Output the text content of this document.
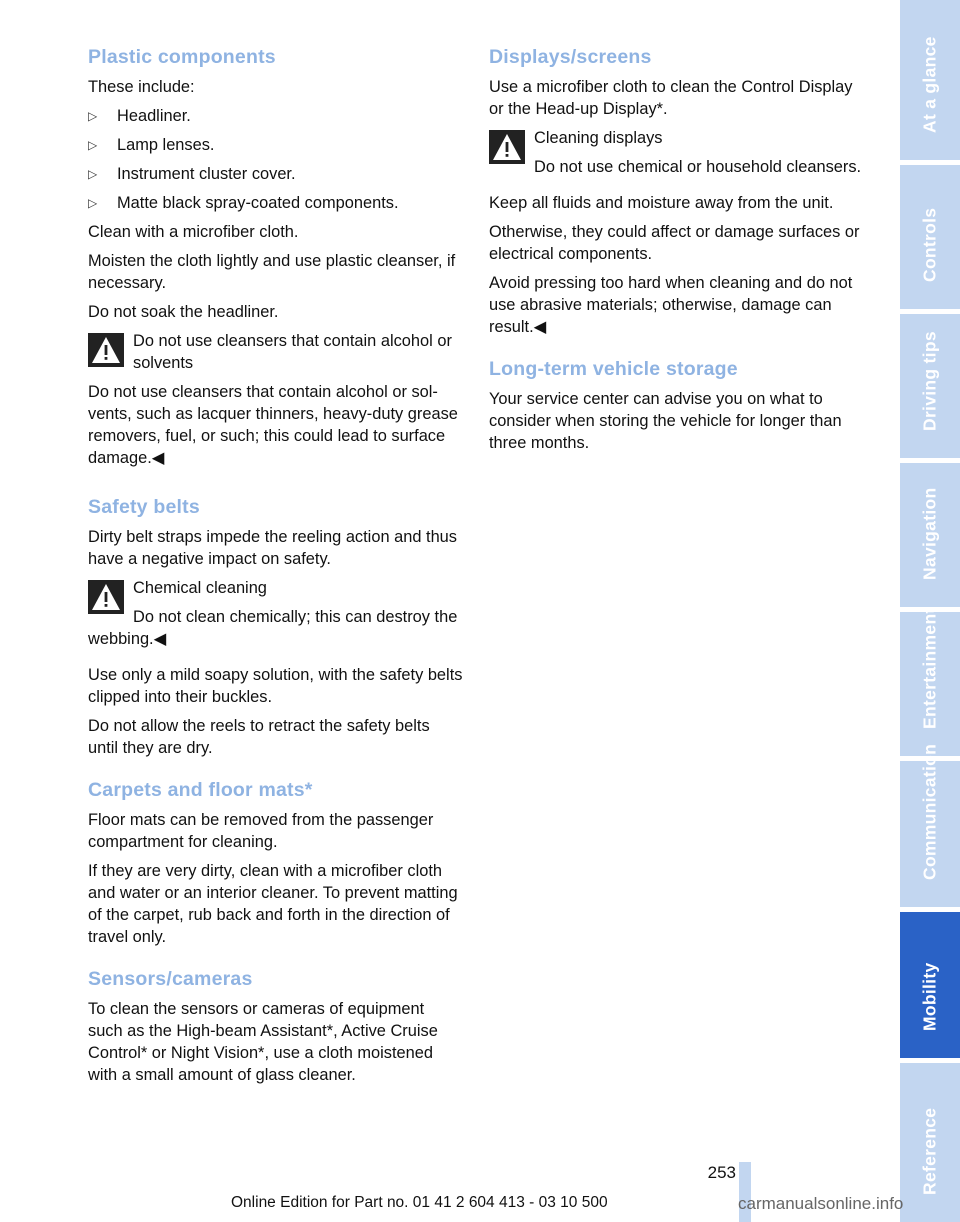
Plastic components

These include:

▷ Headliner.
▷ Lamp lenses.
▷ Instrument cluster cover.
▷ Matte black spray-coated components.

Clean with a microfiber cloth.

Moisten the cloth lightly and use plastic cleanser, if necessary.

Do not soak the headliner.

Do not use cleansers that contain alcohol or solvents

Do not use cleansers that contain alcohol or solvents, such as lacquer thinners, heavy-duty grease removers, fuel, or such; this could lead to surface damage.◀

Safety belts

Dirty belt straps impede the reeling action and thus have a negative impact on safety.

Chemical cleaning

Do not clean chemically; this can destroy the webbing.◀

Use only a mild soapy solution, with the safety belts clipped into their buckles.

Do not allow the reels to retract the safety belts until they are dry.

Carpets and floor mats*

Floor mats can be removed from the passenger compartment for cleaning.

If they are very dirty, clean with a microfiber cloth and water or an interior cleaner. To prevent matting of the carpet, rub back and forth in the direction of travel only.

Sensors/cameras

To clean the sensors or cameras of equipment such as the High-beam Assistant*, Active Cruise Control* or Night Vision*, use a cloth moistened with a small amount of glass cleaner.

Displays/screens

Use a microfiber cloth to clean the Control Display or the Head-up Display*.

Cleaning displays

Do not use chemical or household cleansers.

Keep all fluids and moisture away from the unit.

Otherwise, they could affect or damage surfaces or electrical components.

Avoid pressing too hard when cleaning and do not use abrasive materials; otherwise, damage can result.◀

Long-term vehicle storage

Your service center can advise you on what to consider when storing the vehicle for longer than three months.

At a glance
Controls
Driving tips
Navigation
Entertainment
Communication
Mobility
Reference
253
Online Edition for Part no. 01 41 2 604 413 - 03 10 500	carmanualsonline.info
